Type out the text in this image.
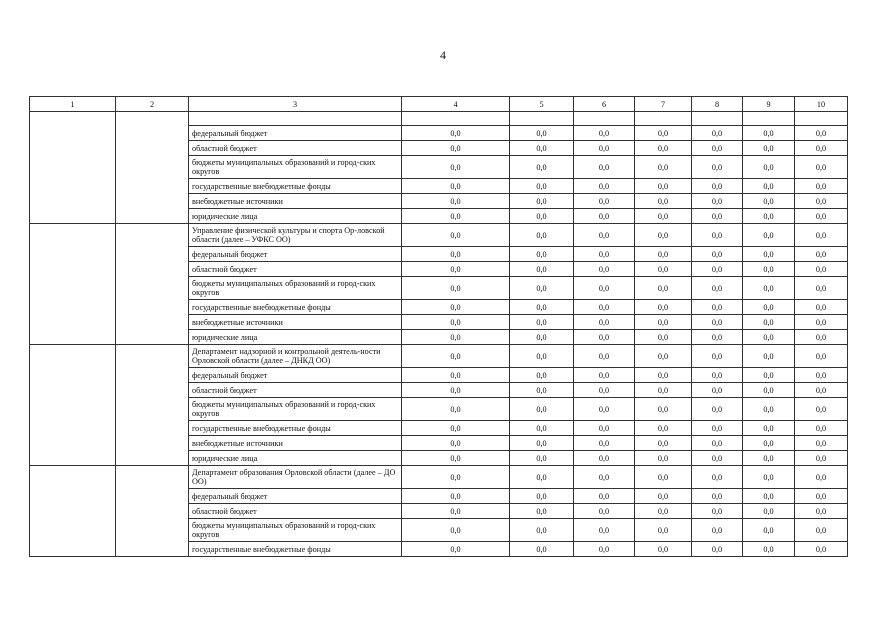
4
1	2	3	4	5	6	7	8	9	10

		федеральный бюджет	0,0	0,0	0,0	0,0	0,0	0,0	0,0
		областной бюджет	0,0	0,0	0,0	0,0	0,0	0,0	0,0
		бюджеты муниципальных образований и город-ских округов	0,0	0,0	0,0	0,0	0,0	0,0	0,0
		государственные внебюджетные фонды	0,0	0,0	0,0	0,0	0,0	0,0	0,0
		внебюджетные источники	0,0	0,0	0,0	0,0	0,0	0,0	0,0
		юридические лица	0,0	0,0	0,0	0,0	0,0	0,0	0,0
		Управление физической культуры и спорта Ор-ловской области (далее – УФКС ОО)	0,0	0,0	0,0	0,0	0,0	0,0	0,0
		федеральный бюджет	0,0	0,0	0,0	0,0	0,0	0,0	0,0
		областной бюджет	0,0	0,0	0,0	0,0	0,0	0,0	0,0
		бюджеты муниципальных образований и город-ских округов	0,0	0,0	0,0	0,0	0,0	0,0	0,0
		государственные внебюджетные фонды	0,0	0,0	0,0	0,0	0,0	0,0	0,0
		внебюджетные источники	0,0	0,0	0,0	0,0	0,0	0,0	0,0
		юридические лица	0,0	0,0	0,0	0,0	0,0	0,0	0,0
		Департамент надзорной и контрольной деятель-ности Орловской области (далее – ДНКД ОО)	0,0	0,0	0,0	0,0	0,0	0,0	0,0
		федеральный бюджет	0,0	0,0	0,0	0,0	0,0	0,0	0,0
		областной бюджет	0,0	0,0	0,0	0,0	0,0	0,0	0,0
		бюджеты муниципальных образований и город-ских округов	0,0	0,0	0,0	0,0	0,0	0,0	0,0
		государственные внебюджетные фонды	0,0	0,0	0,0	0,0	0,0	0,0	0,0
		внебюджетные источники	0,0	0,0	0,0	0,0	0,0	0,0	0,0
		юридические лица	0,0	0,0	0,0	0,0	0,0	0,0	0,0
		Департамент образования Орловской области (далее – ДО ОО)	0,0	0,0	0,0	0,0	0,0	0,0	0,0
		федеральный бюджет	0,0	0,0	0,0	0,0	0,0	0,0	0,0
		областной бюджет	0,0	0,0	0,0	0,0	0,0	0,0	0,0
		бюджеты муниципальных образований и город-ских округов	0,0	0,0	0,0	0,0	0,0	0,0	0,0
		государственные внебюджетные фонды	0,0	0,0	0,0	0,0	0,0	0,0	0,0
